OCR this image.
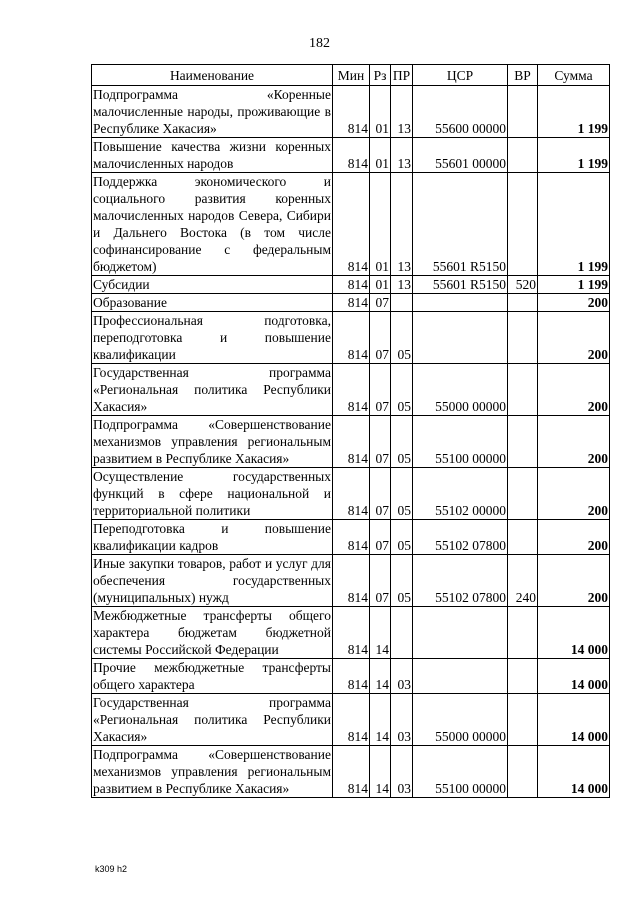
182
Наименование	Мин	Рз	ПР	ЦСР	ВР	Сумма
Подпрограмма «Коренные малочисленные народы, проживающие в Республике Хакасия»	814	01	13	55600 00000		1 199
Повышение качества жизни коренных малочисленных народов	814	01	13	55601 00000		1 199
Поддержка экономического и социального развития коренных малочисленных народов Севера, Сибири и Дальнего Востока (в том числе софинансирование с федеральным бюджетом)	814	01	13	55601 R5150		1 199
Субсидии	814	01	13	55601 R5150	520	1 199
Образование	814	07				200
Профессиональная подготовка, переподготовка и повышение квалификации	814	07	05			200
Государственная программа «Региональная политика Республики Хакасия»	814	07	05	55000 00000		200
Подпрограмма «Совершенствование механизмов управления региональным развитием в Республике Хакасия»	814	07	05	55100 00000		200
Осуществление государственных функций в сфере национальной и территориальной политики	814	07	05	55102 00000		200
Переподготовка и повышение квалификации кадров	814	07	05	55102 07800		200
Иные закупки товаров, работ и услуг для обеспечения государственных (муниципальных) нужд	814	07	05	55102 07800	240	200
Межбюджетные трансферты общего характера бюджетам бюджетной системы Российской Федерации	814	14				14 000
Прочие межбюджетные трансферты общего характера	814	14	03			14 000
Государственная программа «Региональная политика Республики Хакасия»	814	14	03	55000 00000		14 000
Подпрограмма «Совершенствование механизмов управления региональным развитием в Республике Хакасия»	814	14	03	55100 00000		14 000
k309 h2
